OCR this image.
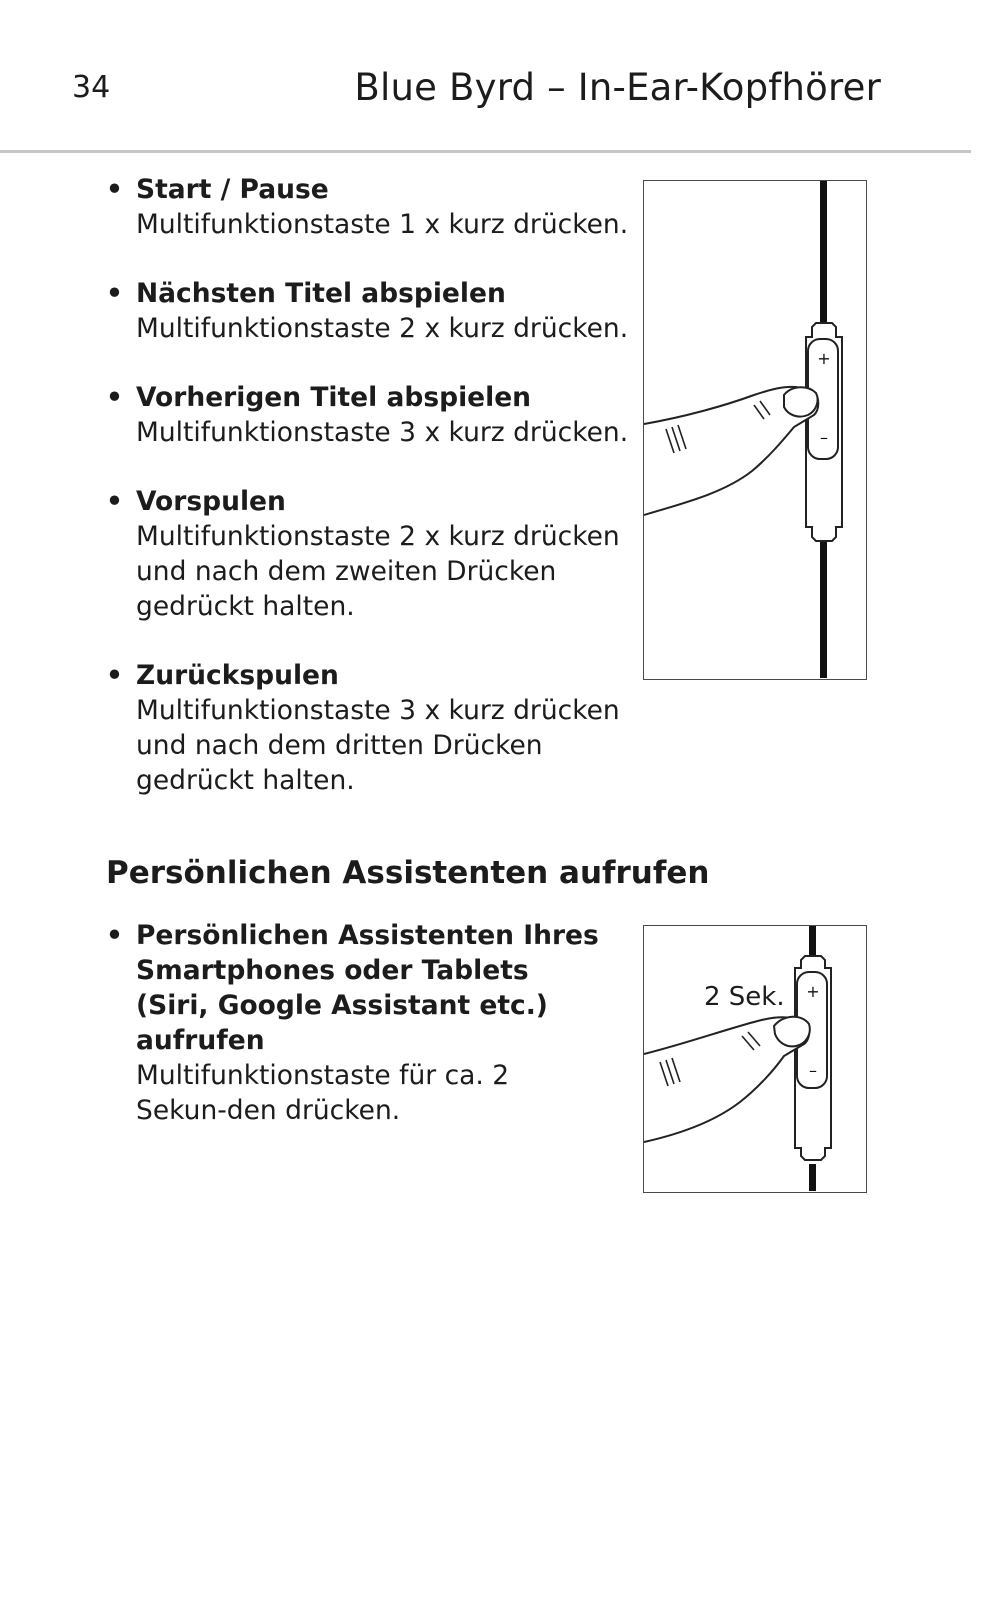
34	Blue Byrd – In-Ear-Kopfhörer
• Start / Pause
Multifunktionstaste 1 x kurz drücken.
• Nächsten Titel abspielen
Multifunktionstaste 2 x kurz drücken.
• Vorherigen Titel abspielen
Multifunktionstaste 3 x kurz drücken.
• Vorspulen
Multifunktionstaste 2 x kurz drücken und nach dem zweiten Drücken gedrückt halten.
• Zurückspulen
Multifunktionstaste 3 x kurz drücken und nach dem dritten Drücken gedrückt halten.
+
–
Persönlichen Assistenten aufrufen
• Persönlichen Assistenten Ihres Smartphones oder Tablets (Siri, Google Assistant etc.) aufrufen
Multifunktionstaste für ca. 2 Sekun-den drücken.
+
–
2 Sek.
